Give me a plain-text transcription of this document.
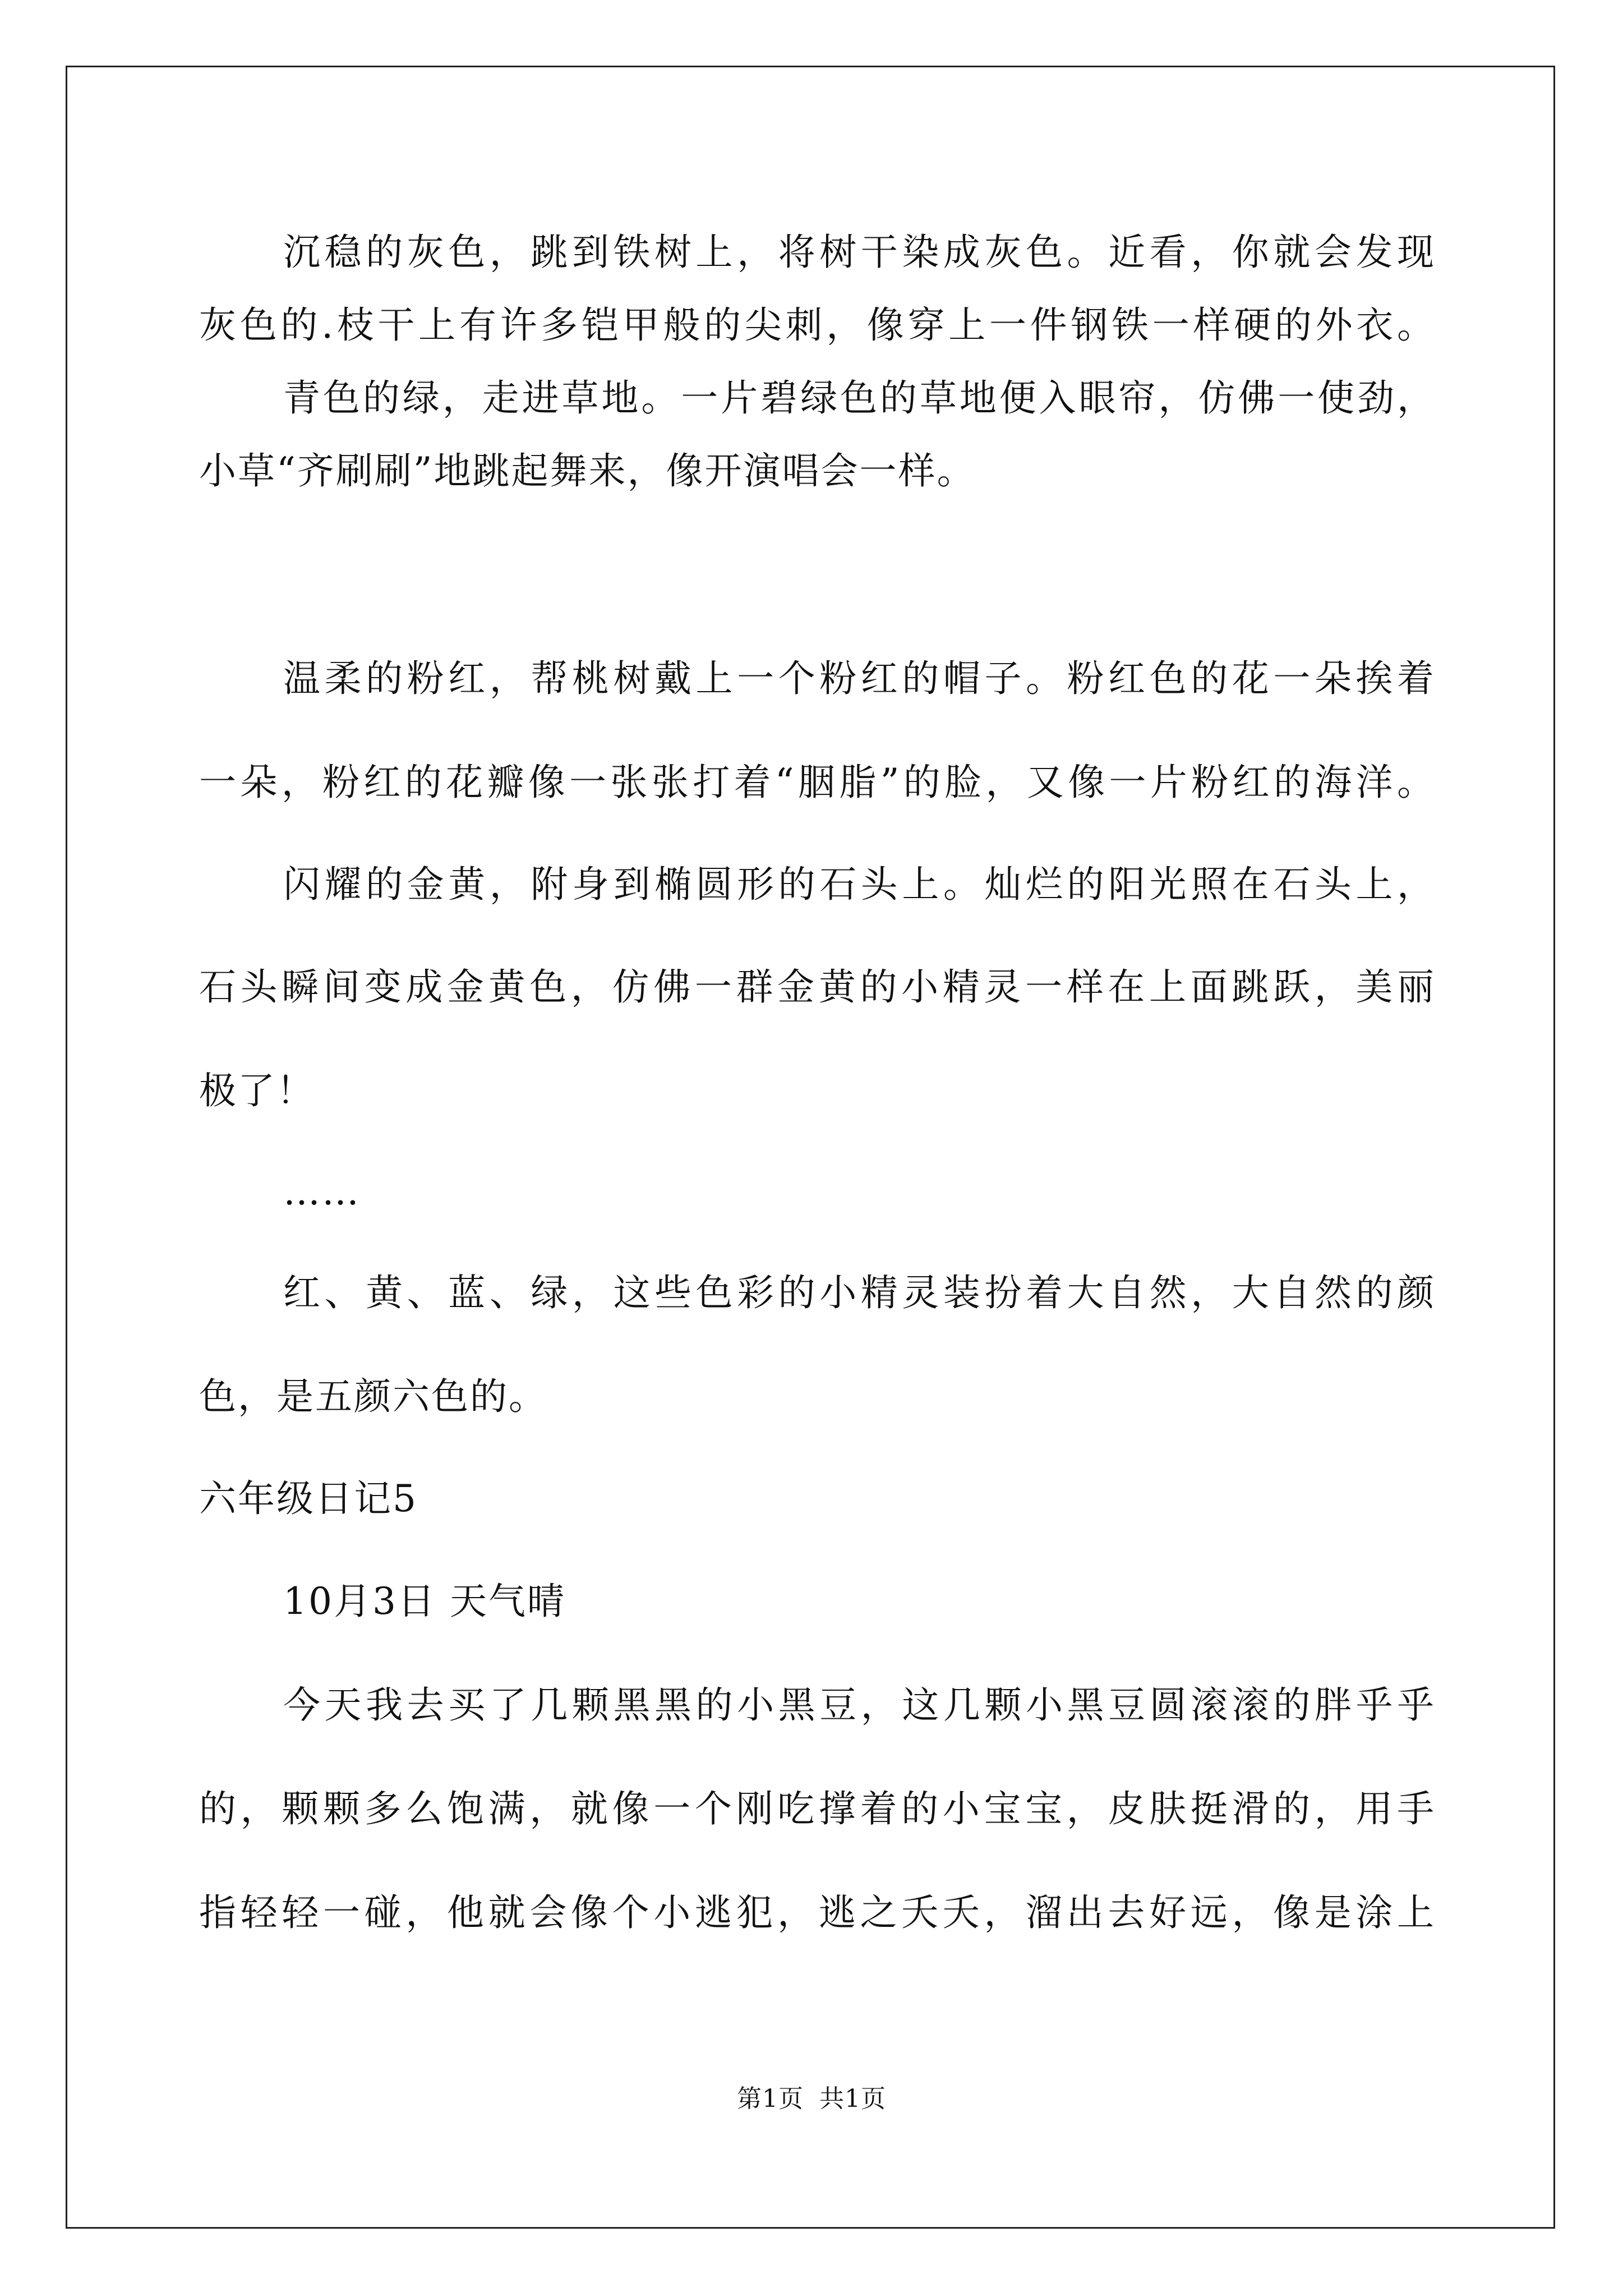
沉稳的灰色，跳到铁树上，将树干染成灰色。近看，你就会发现
灰色的.枝干上有许多铠甲般的尖刺，像穿上一件钢铁一样硬的外衣。
青色的绿，走进草地。一片碧绿色的草地便入眼帘，仿佛一使劲，
小草“齐刷刷”地跳起舞来，像开演唱会一样。
温柔的粉红，帮桃树戴上一个粉红的帽子。粉红色的花一朵挨着
一朵，粉红的花瓣像一张张打着“胭脂”的脸，又像一片粉红的海洋。
闪耀的金黄，附身到椭圆形的石头上。灿烂的阳光照在石头上，
石头瞬间变成金黄色，仿佛一群金黄的小精灵一样在上面跳跃，美丽
极了！
……
红、黄、蓝、绿，这些色彩的小精灵装扮着大自然，大自然的颜
色，是五颜六色的。
六年级日记5
10月3日 天气晴
今天我去买了几颗黑黑的小黑豆，这几颗小黑豆圆滚滚的胖乎乎
的，颗颗多么饱满，就像一个刚吃撑着的小宝宝，皮肤挺滑的，用手
指轻轻一碰，他就会像个小逃犯，逃之夭夭，溜出去好远，像是涂上
第1页 共1页
